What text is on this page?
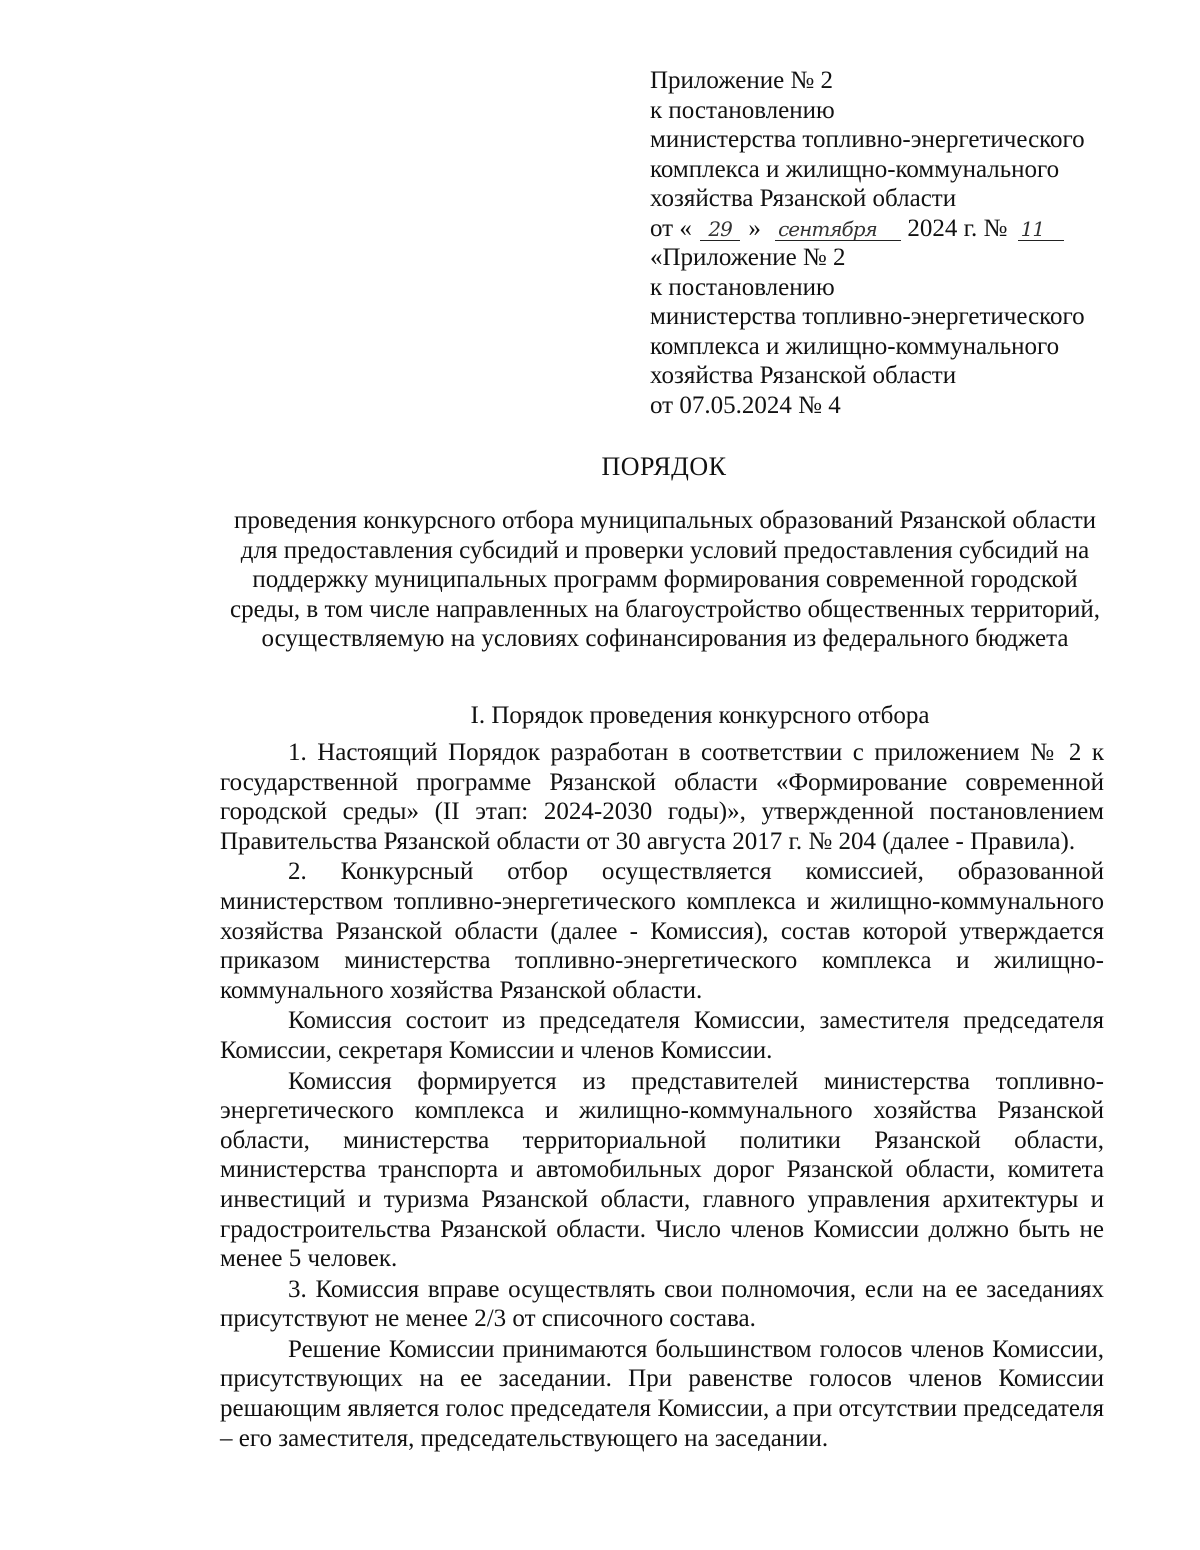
Приложение № 2
к постановлению
министерства топливно-энергетического
комплекса и жилищно-коммунального
хозяйства Рязанской области
от « 29 » сентября 2024 г. № 11
«Приложение № 2
к постановлению
министерства топливно-энергетического
комплекса и жилищно-коммунального
хозяйства Рязанской области
от 07.05.2024 № 4
ПОРЯДОК
проведения конкурсного отбора муниципальных образований Рязанской области для предоставления субсидий и проверки условий предоставления субсидий на поддержку муниципальных программ формирования современной городской среды, в том числе направленных на благоустройство общественных территорий, осуществляемую на условиях софинансирования из федерального бюджета
I. Порядок проведения конкурсного отбора

1. Настоящий Порядок разработан в соответствии с приложением № 2 к государственной программе Рязанской области «Формирование современной городской среды» (II этап: 2024-2030 годы)», утвержденной постановлением Правительства Рязанской области от 30 августа 2017 г. № 204 (далее - Правила).

2. Конкурсный отбор осуществляется комиссией, образованной министерством топливно-энергетического комплекса и жилищно-коммунального хозяйства Рязанской области (далее - Комиссия), состав которой утверждается приказом министерства топливно-энергетического комплекса и жилищно-коммунального хозяйства Рязанской области.

Комиссия состоит из председателя Комиссии, заместителя председателя Комиссии, секретаря Комиссии и членов Комиссии.

Комиссия формируется из представителей министерства топливно-энергетического комплекса и жилищно-коммунального хозяйства Рязанской области, министерства территориальной политики Рязанской области, министерства транспорта и автомобильных дорог Рязанской области, комитета инвестиций и туризма Рязанской области, главного управления архитектуры и градостроительства Рязанской области. Число членов Комиссии должно быть не менее 5 человек.

3. Комиссия вправе осуществлять свои полномочия, если на ее заседаниях присутствуют не менее 2/3 от списочного состава.

Решение Комиссии принимаются большинством голосов членов Комиссии, присутствующих на ее заседании. При равенстве голосов членов Комиссии решающим является голос председателя Комиссии, а при отсутствии председателя – его заместителя, председательствующего на заседании.
